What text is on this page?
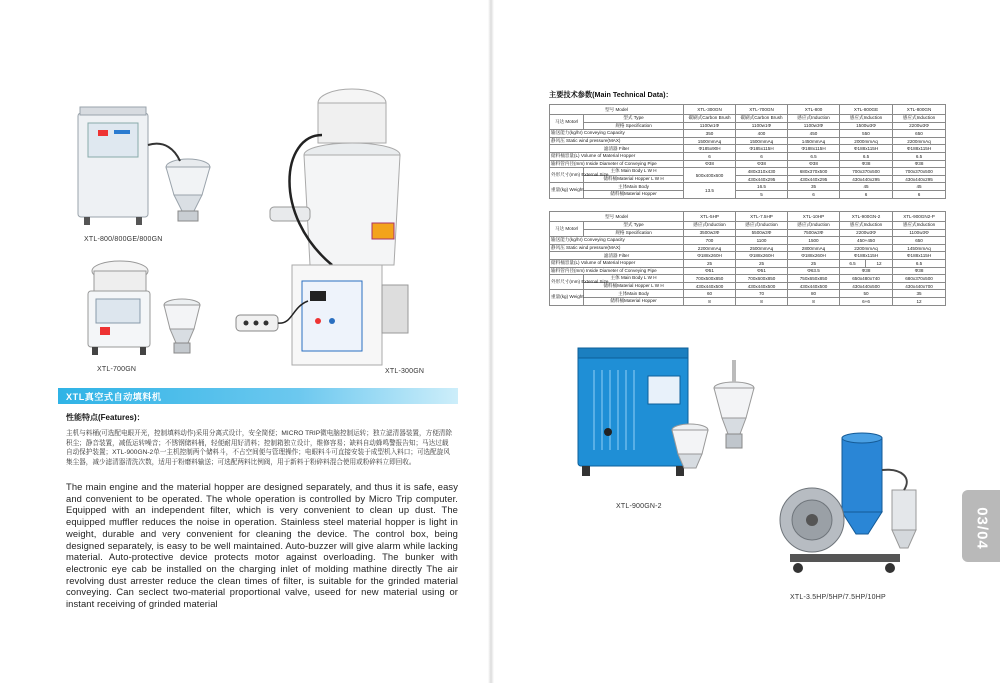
XTL-800/800GE/800GN
XTL-700GN	XTL-300GN
XTL真空式自动填料机
性能特点(Features)：
主机与料桶(可选配电眼开光，控制填料动作)采用分离式设计，安全简便；MICRO TRIP微电脑控制运转；独立滤清器装置，方便清除积尘；静音装置，减低运转噪音；不锈钢储料桶，轻便耐用好清料；控制箱独立设计，维修容易；缺料自动蜂鸣警报告知；马达过载自动保护装置；XTL-900GN-2单一主机控制两个储料斗，不占空间便与管理操作；电眼料斗可直接安装于成型机入料口；可选配旋风集尘器，减少滤清器清洗次数，适用于粉磨料输送；可选配两料比例阀，用于新料于粉碎料混合使用或粉碎料立即回收。
The main engine and the material hopper are designed separately, and thus it is safe, easy and convenient to be operated. The whole operation is controlled by Micro Trip computer. Equipped with an independent filter, which is very convenient to clean up dust. The equipped muffler reduces the noise in operation. Stainless steel material hopper is light in weight, durable and very convenient for cleaning the device. The control box, being designed separately, is easy to be well maintained. Auto-buzzer will give alarm while lacking material. Auto-protective device protects motor against overloading. The bunker with electronic eye cab be installed on the charging inlet of molding mathine directly The air revolving dust arrester reduce the clean times of filter, is suitable for the grinded material conveying. Can seclect two-material proportional valve, useed for new material using or instant receiving of grinded material
主要技术参数(Main Technical Data)：
型号 Model		XTL-300GN	XTL-700GN	XTL-800	XTL-800GE	XTL-800GN
马达 Motorl	型式 Type	碳刷式Carbon Brush	碳刷式Carbon Brush	感应式Induction	感应式Induction	感应式Induction
	规格 Specification	1100w1Φ	1100w1Φ	1100w3Φ	1500w3Φ	2200w3Φ
输送能力(kg/hr) Conveying Capacity		350	400	450	550	650
静风压 Static wind pressure(MAX)		1500mmAq	1500mmAq	1450mmAq	2000mmAq	2200mmAq
滤清器 Filter		Φ185x90H	Φ185x115H	Φ188x115H	Φ188x115H	Φ188x115H
储料桶容量(L) Volume of Material Hopper		6	6	6.5	6.5	6.5
输料管内径(mm) Inside Diameter of Conveying Pipe		Φ38	Φ38	Φ38	Φ38	Φ38
外形尺寸(mm) External Size	主体 Main Body L W H	500x400x600	480x310x430	680x370x500	700x370x500	700x370x500
	储料桶Material Hopper L W H		430x440x295	430x440x295	430x440x295	430x440x295
重量(kg) Weight	主体Main Body	13.5	16.5	35	45	45
	储料桶Material Hopper		5	6	6	6
型号 Model		XTL-5HP	XTL-7.5HP	XTL-10HP	XTL-900GN-2		XTL-900GN2-P
马达 Motorl	型式 Type	感应式Induction	感应式Induction	感应式Induction	感应式Induction		感应式Induction
	规格 Specification	3500w3Φ	5500w3Φ	7500w3Φ	2200w3Φ		1100w3Φ
输送能力(kg/hr) Conveying Capacity		700	1100	1500	450+450		650
静风压 Static wind pressure(MAX)		2200mmAq	2500mmAq	2800mmAq	2200mmAq		1450mmAq
滤清器 Filter		Φ188x260H	Φ188x260H	Φ188x260H	Φ188x115H		Φ188x115H
储料桶容量(L) Volume of Material Hopper		25	25	25	6.5	12	6.5
输料管内径(mm) Inside Diameter of Conveying Pipe		Φ51	Φ51	Φ63.5	Φ38		Φ38
外形尺寸(mm) External Size	主体 Main Body L W H	700x500x850	700x600x850	750x650x850	650x480x740		680x370x500
	储料桶Material Hopper L W H	430x440x500	430x440x500	430x440x500	430x440x500		430x440x700
重量(kg) Weight	主体Main Body	60	70	80	50		35
	储料桶Material Hopper	8	8	8	6+6		12
XTL-900GN-2
XTL-3.5HP/5HP/7.5HP/10HP
03/04
